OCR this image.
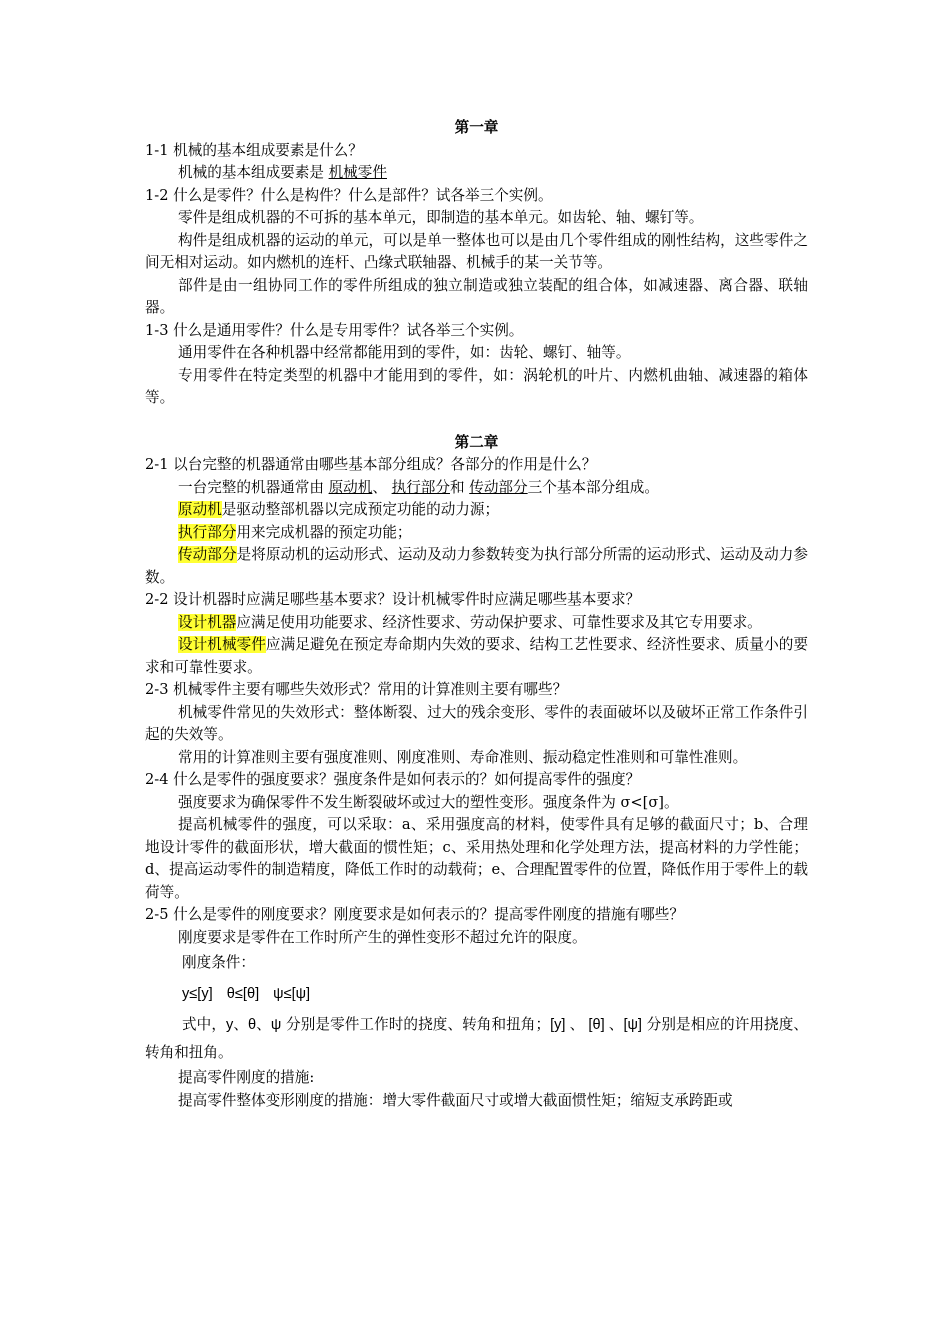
第一章

1-1 机械的基本组成要素是什么？

机械的基本组成要素是 机械零件

1-2 什么是零件？什么是构件？什么是部件？试各举三个实例。

零件是组成机器的不可拆的基本单元，即制造的基本单元。如齿轮、轴、螺钉等。

构件是组成机器的运动的单元，可以是单一整体也可以是由几个零件组成的刚性结构，这些零件之间无相对运动。如内燃机的连杆、凸缘式联轴器、机械手的某一关节等。

部件是由一组协同工作的零件所组成的独立制造或独立装配的组合体，如减速器、离合器、联轴器。

1-3 什么是通用零件？什么是专用零件？试各举三个实例。

通用零件在各种机器中经常都能用到的零件，如：齿轮、螺钉、轴等。

专用零件在特定类型的机器中才能用到的零件，如：涡轮机的叶片、内燃机曲轴、减速器的箱体等。

第二章

2-1 以台完整的机器通常由哪些基本部分组成？各部分的作用是什么？

一台完整的机器通常由 原动机、 执行部分和 传动部分三个基本部分组成。

原动机是驱动整部机器以完成预定功能的动力源；

执行部分用来完成机器的预定功能；

传动部分是将原动机的运动形式、运动及动力参数转变为执行部分所需的运动形式、运动及动力参数。

2-2 设计机器时应满足哪些基本要求？设计机械零件时应满足哪些基本要求？

设计机器应满足使用功能要求、经济性要求、劳动保护要求、可靠性要求及其它专用要求。

设计机械零件应满足避免在预定寿命期内失效的要求、结构工艺性要求、经济性要求、质量小的要求和可靠性要求。

2-3 机械零件主要有哪些失效形式？常用的计算准则主要有哪些？

机械零件常见的失效形式：整体断裂、过大的残余变形、零件的表面破坏以及破坏正常工作条件引起的失效等。

常用的计算准则主要有强度准则、刚度准则、寿命准则、振动稳定性准则和可靠性准则。

2-4 什么是零件的强度要求？强度条件是如何表示的？如何提高零件的强度？

强度要求为确保零件不发生断裂破坏或过大的塑性变形。强度条件为 σ<[σ]。

提高机械零件的强度，可以采取：a、采用强度高的材料，使零件具有足够的截面尺寸；b、合理地设计零件的截面形状，增大截面的惯性矩；c、采用热处理和化学处理方法，提高材料的力学性能；d、提高运动零件的制造精度，降低工作时的动载荷；e、合理配置零件的位置，降低作用于零件上的载荷等。

2-5 什么是零件的刚度要求？刚度要求是如何表示的？提高零件刚度的措施有哪些？

刚度要求是零件在工作时所产生的弹性变形不超过允许的限度。

刚度条件：

y≤[y] θ≤[θ] ψ≤[ψ]

式中，y、θ、ψ 分别是零件工作时的挠度、转角和扭角；[y] 、 [θ] 、[ψ] 分别是相应的许用挠度、转角和扭角。

提高零件刚度的措施:

提高零件整体变形刚度的措施：增大零件截面尺寸或增大截面惯性矩；缩短支承跨距或
